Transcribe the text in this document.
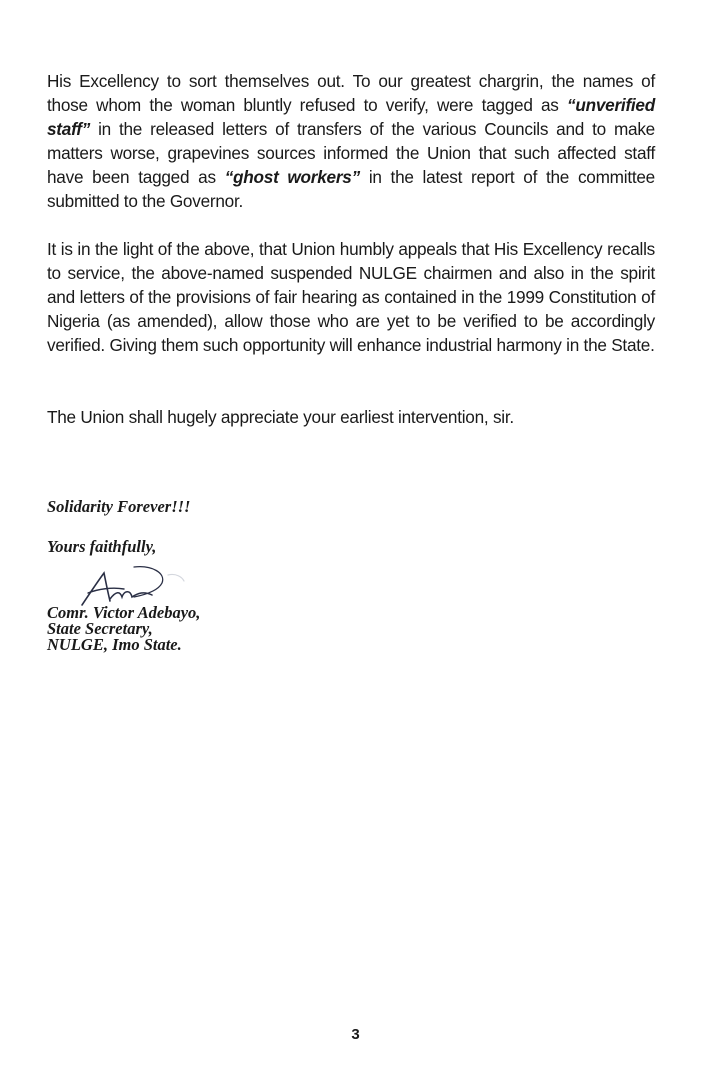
His Excellency to sort themselves out. To our greatest chargrin, the names of those whom the woman bluntly refused to verify, were tagged as “unverified staff” in the released letters of transfers of the various Councils and to make matters worse, grapevines sources informed the Union that such affected staff have been tagged as “ghost workers” in the latest report of the committee submitted to the Governor.

It is in the light of the above, that Union humbly appeals that His Excellency recalls to service, the above-named suspended NULGE chairmen and also in the spirit and letters of the provisions of fair hearing as contained in the 1999 Constitution of Nigeria (as amended), allow those who are yet to be verified to be accordingly verified. Giving them such opportunity will enhance industrial harmony in the State.

The Union shall hugely appreciate your earliest intervention, sir.

Solidarity Forever!!!
Yours faithfully,
Comr. Victor Adebayo,
State Secretary,
NULGE, Imo State.
3
